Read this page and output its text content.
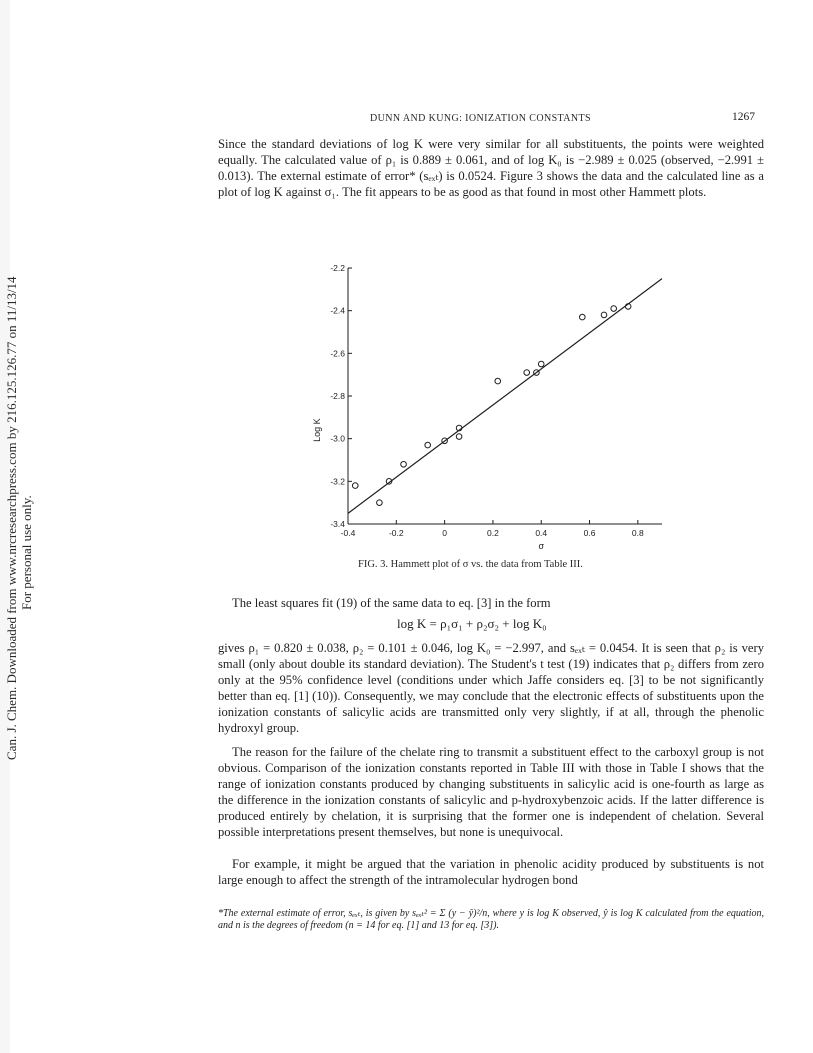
Can. J. Chem. Downloaded from www.nrcresearchpress.com by 216.125.126.77 on 11/13/14 For personal use only.
DUNN AND KUNG: IONIZATION CONSTANTS	1267
Since the standard deviations of log K were very similar for all substituents, the points were weighted equally. The calculated value of ρ₁ is 0.889 ± 0.061, and of log K₀ is −2.989 ± 0.025 (observed, −2.991 ± 0.013). The external estimate of error* (sₑₓₜ) is 0.0524. Figure 3 shows the data and the calculated line as a plot of log K against σ₁. The fit appears to be as good as that found in most other Hammett plots.
-0.4	-0.2	0	0.2	0.4	0.6	0.8
-2.2
-2.4
-2.6
-2.8
-3.0
-3.2
-3.4
σ
Log K
FIG. 3. Hammett plot of σ vs. the data from Table III.
The least squares fit (19) of the same data to eq. [3] in the form
log K = ρ₁σ₁ + ρ₂σ₂ + log K₀
gives ρ₁ = 0.820 ± 0.038, ρ₂ = 0.101 ± 0.046, log K₀ = −2.997, and sₑₓₜ = 0.0454. It is seen that ρ₂ is very small (only about double its standard deviation). The Student's t test (19) indicates that ρ₂ differs from zero only at the 95% confidence level (conditions under which Jaffe considers eq. [3] to be not significantly better than eq. [1] (10)). Consequently, we may conclude that the electronic effects of substituents upon the ionization constants of salicylic acids are transmitted only very slightly, if at all, through the phenolic hydroxyl group.
The reason for the failure of the chelate ring to transmit a substituent effect to the carboxyl group is not obvious. Comparison of the ionization constants reported in Table III with those in Table I shows that the range of ionization constants produced by changing substituents in salicylic acid is one-fourth as large as the difference in the ionization constants of salicylic and p-hydroxybenzoic acids. If the latter difference is produced entirely by chelation, it is surprising that the former one is independent of chelation. Several possible interpretations present themselves, but none is unequivocal.
For example, it might be argued that the variation in phenolic acidity produced by substituents is not large enough to affect the strength of the intramolecular hydrogen bond
*The external estimate of error, sₑₓₜ, is given by sₑₓₜ² = Σ (y − ŷ)²/n, where y is log K observed, ŷ is log K calculated from the equation, and n is the degrees of freedom (n = 14 for eq. [1] and 13 for eq. [3]).
